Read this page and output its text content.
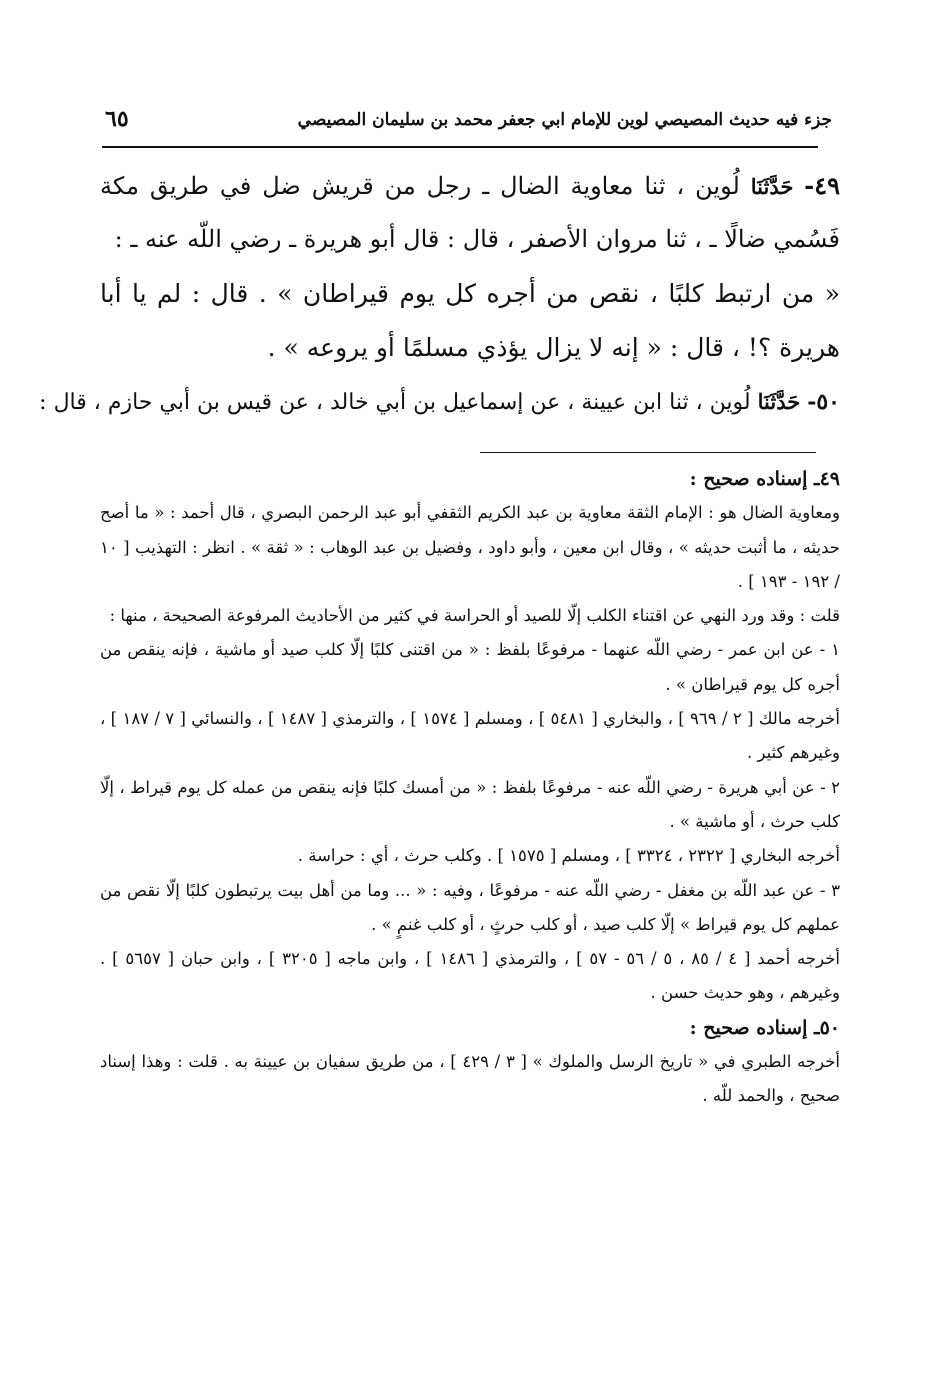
جزء فيه حديث المصيصي لوين للإمام ابي جعفر محمد بن سليمان المصيصي
٦٥
٤٩- حَدَّثَنَا لُوين ، ثنا معاوية الضال ـ رجل من قريش ضل في طريق مكة فَسُمي ضالًا ـ ، ثنا مروان الأصفر ، قال : قال أبو هريرة ـ رضي اللّه عنه ـ :
« من ارتبط كلبًا ، نقص من أجره كل يوم قيراطان » . قال : لم يا أبا هريرة ؟! ، قال : « إنه لا يزال يؤذي مسلمًا أو يروعه » .
٥٠- حَدَّثَنَا لُوين ، ثنا ابن عيينة ، عن إسماعيل بن أبي خالد ، عن قيس بن أبي حازم ، قال :

٤٩ـ إسناده صحيح :

ومعاوية الضال هو : الإمام الثقة معاوية بن عبد الكريم الثقفي أبو عبد الرحمن البصري ، قال أحمد : « ما أصح حديثه ، ما أثبت حديثه » ، وقال ابن معين ، وأبو داود ، وفضيل بن عبد الوهاب : « ثقة » . انظر : التهذيب [ ١٠ / ١٩٢ - ١٩٣ ] .

قلت : وقد ورد النهي عن اقتناء الكلب إلّا للصيد أو الحراسة في كثير من الأحاديث المرفوعة الصحيحة ، منها :

١ - عن ابن عمر - رضي اللّه عنهما - مرفوعًا بلفظ : « من اقتنى كلبًا إلّا كلب صيد أو ماشية ، فإنه ينقص من أجره كل يوم قيراطان » .

أخرجه مالك [ ٢ / ٩٦٩ ] ، والبخاري [ ٥٤٨١ ] ، ومسلم [ ١٥٧٤ ] ، والترمذي [ ١٤٨٧ ] ، والنسائي [ ٧ / ١٨٧ ] ، وغيرهم كثير .

٢ - عن أبي هريرة - رضي اللّه عنه - مرفوعًا بلفظ : « من أمسك كلبًا فإنه ينقص من عمله كل يوم قيراط ، إلّا كلب حرث ، أو ماشية » .

أخرجه البخاري [ ٢٣٢٢ ، ٣٣٢٤ ] ، ومسلم [ ١٥٧٥ ] . وكلب حرث ، أي : حراسة .

٣ - عن عبد اللّه بن مغفل - رضي اللّه عنه - مرفوعًا ، وفيه : « ... وما من أهل بيت يرتبطون كلبًا إلّا نقص من عملهم كل يوم قيراط » إلّا كلب صيد ، أو كلب حرثٍ ، أو كلب غنمٍ » .

أخرجه أحمد [ ٤ / ٨٥ ، ٥ / ٥٦ - ٥٧ ] ، والترمذي [ ١٤٨٦ ] ، وابن ماجه [ ٣٢٠٥ ] ، وابن حبان [ ٥٦٥٧ ] . وغيرهم ، وهو حديث حسن .

٥٠ـ إسناده صحيح :

أخرجه الطبري في « تاريخ الرسل والملوك » [ ٣ / ٤٢٩ ] ، من طريق سفيان بن عيينة به . قلت : وهذا إسناد صحيح ، والحمد للّه .
